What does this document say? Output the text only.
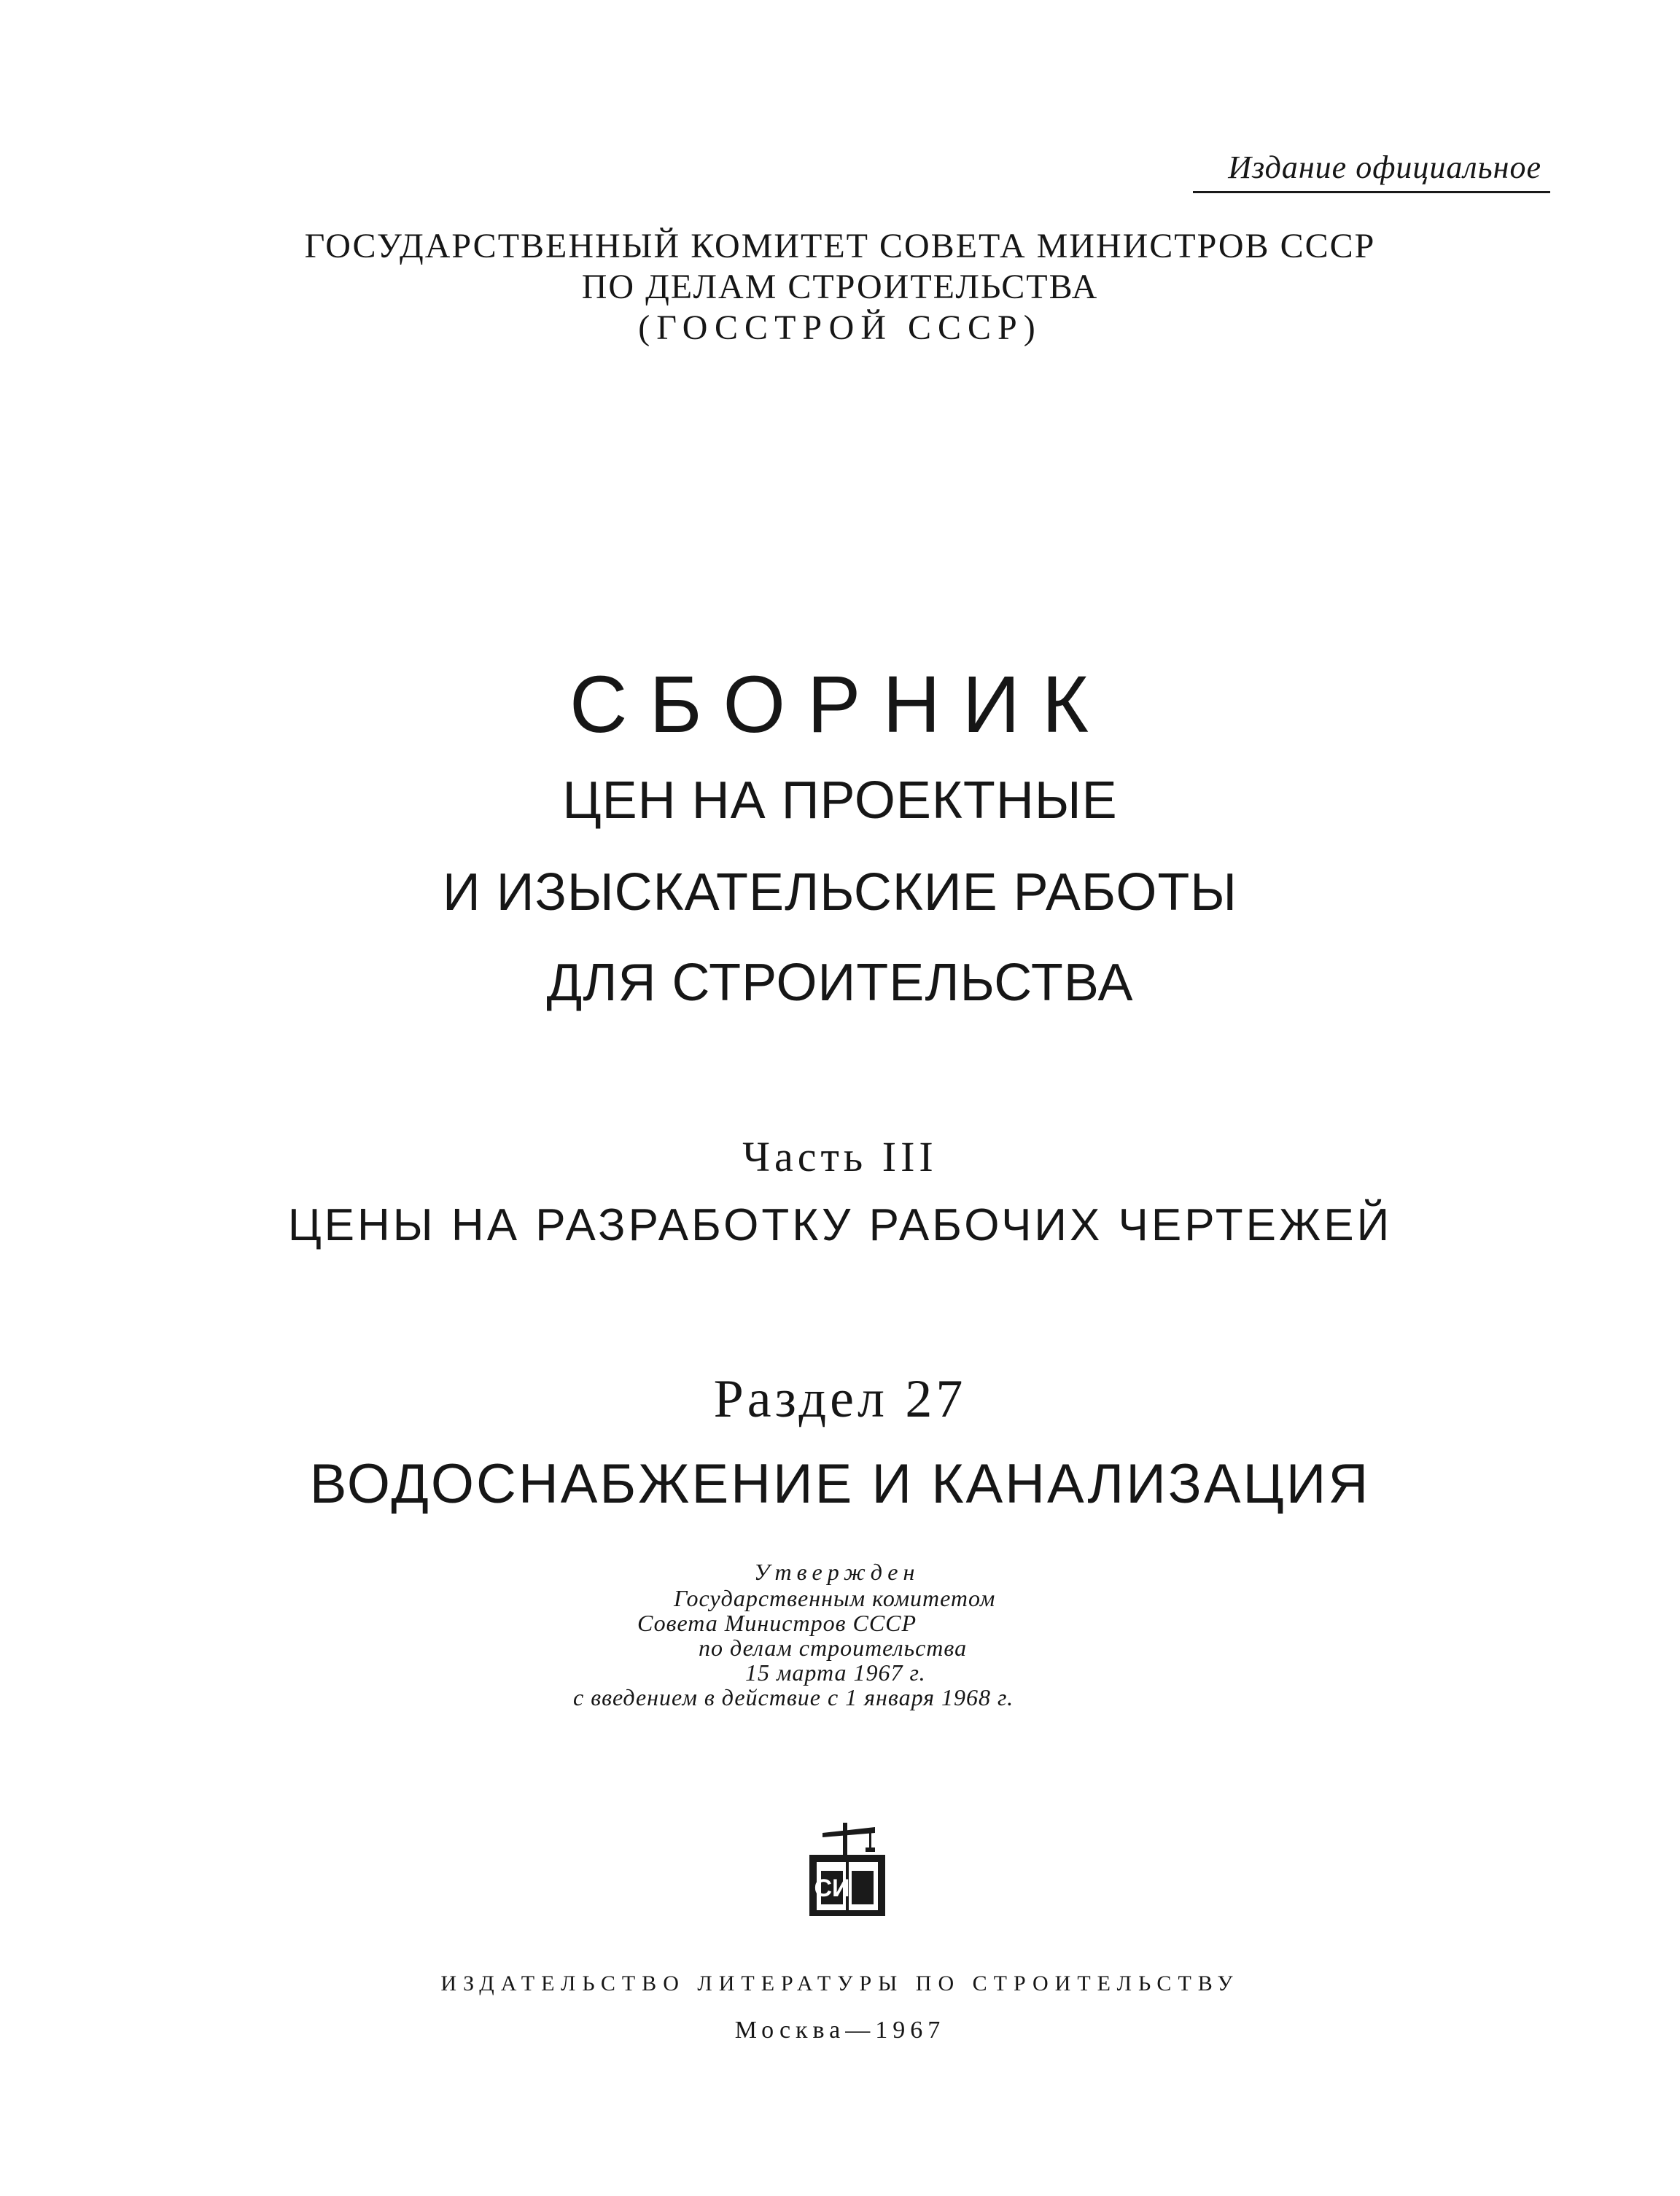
Издание официальное
ГОСУДАРСТВЕННЫЙ КОМИТЕТ СОВЕТА МИНИСТРОВ СССР
ПО ДЕЛАМ СТРОИТЕЛЬСТВА
(ГОССТРОЙ СССР)
СБОРНИК
ЦЕН НА ПРОЕКТНЫЕ
И ИЗЫСКАТЕЛЬСКИЕ РАБОТЫ
ДЛЯ СТРОИТЕЛЬСТВА
Часть III
ЦЕНЫ НА РАЗРАБОТКУ РАБОЧИХ ЧЕРТЕЖЕЙ
Раздел 27
ВОДОСНАБЖЕНИЕ И КАНАЛИЗАЦИЯ
Утвержден
Государственным комитетом
Совета Министров СССР
по делам строительства
15 марта 1967 г.
с введением в действие с 1 января 1968 г.
СИ
ИЗДАТЕЛЬСТВО ЛИТЕРАТУРЫ ПО СТРОИТЕЛЬСТВУ
Москва—1967
